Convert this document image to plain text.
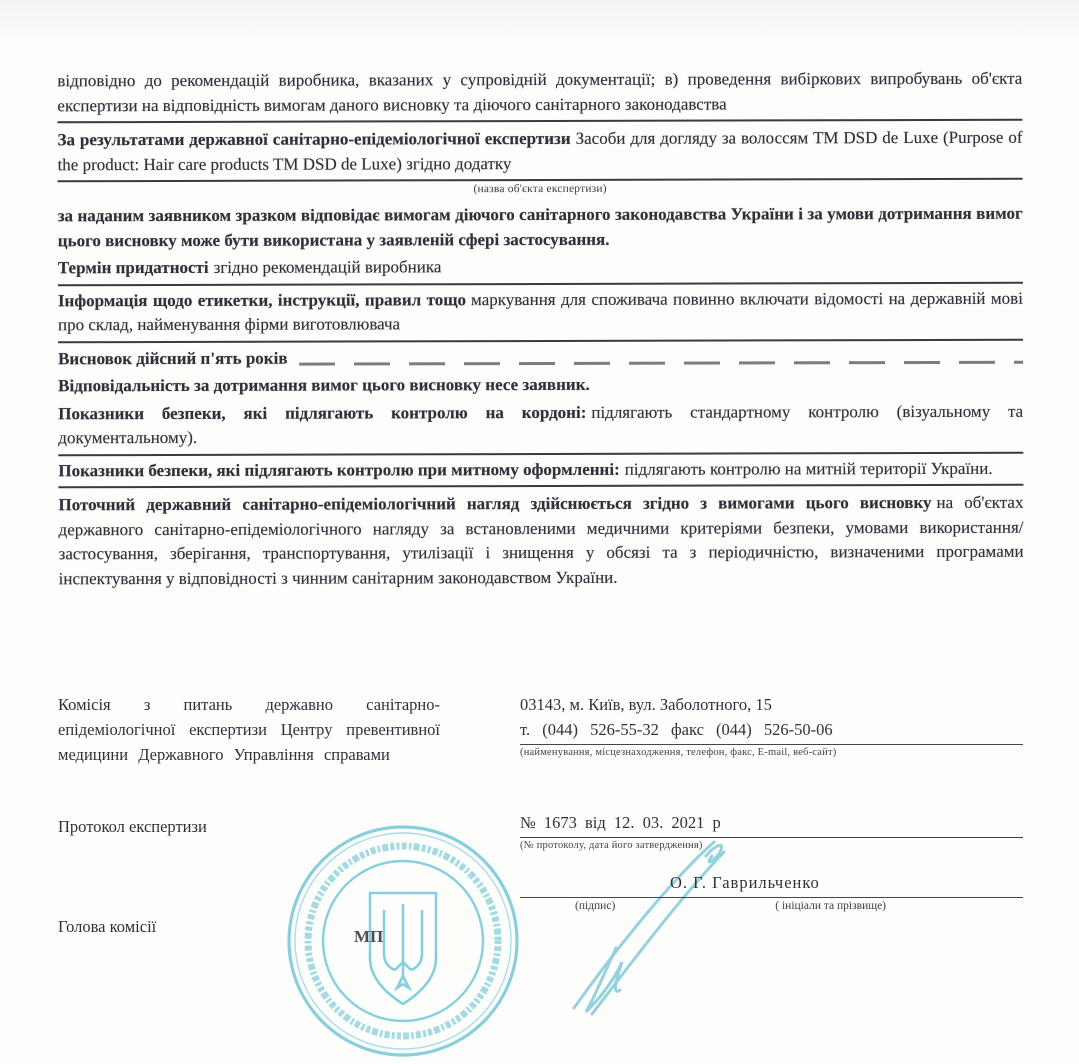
відповідно до рекомендацій виробника, вказаних у супровідній документації; в) проведення вибіркових випробувань об'єкта експертизи на відповідність вимогам даного висновку та діючого санітарного законодавства
За результатами державної санітарно-епідеміологічної експертизи Засоби для догляду за волоссям ТМ DSD de Luxe (Purpose of the product: Hair care products TM DSD de Luxe) згідно додатку
(назва об'єкта експертизи)
за наданим заявником зразком відповідає вимогам діючого санітарного законодавства України і за умови дотримання вимог цього висновку може бути використана у заявленій сфері застосування.
Термін придатності згідно рекомендацій виробника
Інформація щодо етикетки, інструкції, правил тощо маркування для споживача повинно включати відомості на державній мові про склад, найменування фірми виготовлювача
Висновок дійсний п'ять років
Відповідальність за дотримання вимог цього висновку несе заявник.
Показники безпеки, які підлягають контролю на кордоні: підлягають стандартному контролю (візуальному та документальному).
Показники безпеки, які підлягають контролю при митному оформленні: підлягають контролю на митній території України.
Поточний державний санітарно-епідеміологічний нагляд здійснюється згідно з вимогами цього висновку на об'єктах державного санітарно-епідеміологічного нагляду за встановленими медичними критеріями безпеки, умовами використання/застосування, зберігання, транспортування, утилізації і знищення у обсязі та з періодичністю, визначеними програмами інспектування у відповідності з чинним санітарним законодавством України.
Комісія з питань державно санітарно-епідеміологічної експертизи Центру превентивної медицини Державного Управління справами
03143, м. Київ, вул. Заболотного, 15
т. (044) 526-55-32 факс (044) 526-50-06
(найменування, місцезнаходження, телефон, факс, E-mail, веб-сайт)
Протокол експертизи	№ 1673 від 12. 03. 2021 р
(№ протоколу, дата його затвердження)
Голова комісії
МП
О. Г. Гаврильченко
(підпис)	( ініціали та прізвище)
